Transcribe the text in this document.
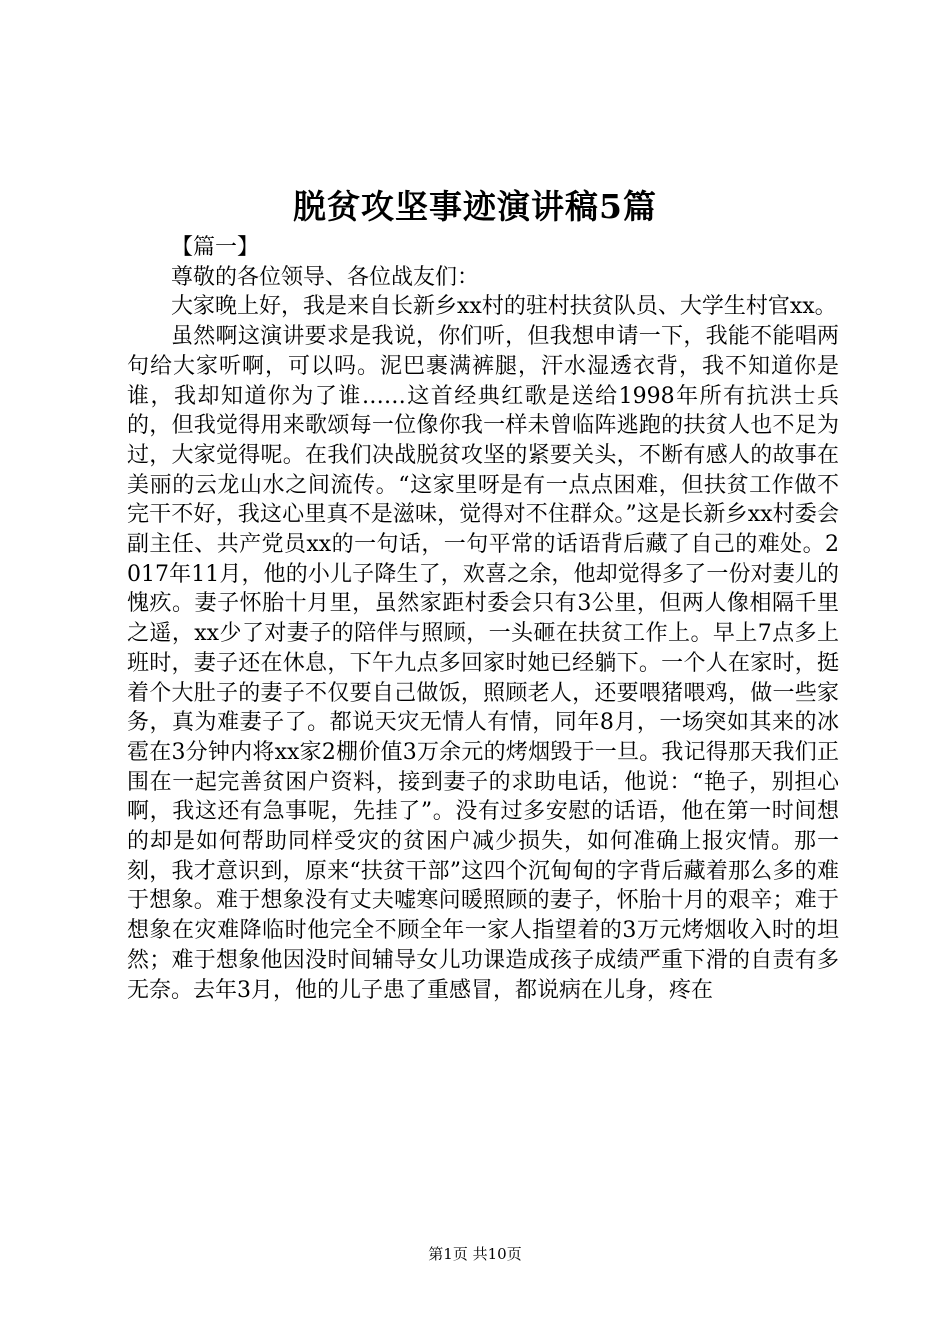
脱贫攻坚事迹演讲稿5篇

【篇一】

尊敬的各位领导、各位战友们：

大家晚上好，我是来自长新乡xx村的驻村扶贫队员、大学生村官xx。

虽然啊这演讲要求是我说，你们听，但我想申请一下，我能不能唱两句给大家听啊，可以吗。泥巴裹满裤腿，汗水湿透衣背，我不知道你是谁，我却知道你为了谁……这首经典红歌是送给1998年所有抗洪士兵的，但我觉得用来歌颂每一位像你我一样未曾临阵逃跑的扶贫人也不足为过，大家觉得呢。在我们决战脱贫攻坚的紧要关头，不断有感人的故事在美丽的云龙山水之间流传。“这家里呀是有一点点困难，但扶贫工作做不完干不好，我这心里真不是滋味，觉得对不住群众。”这是长新乡xx村委会副主任、共产党员xx的一句话，一句平常的话语背后藏了自己的难处。2017年11月，他的小儿子降生了，欢喜之余，他却觉得多了一份对妻儿的愧疚。妻子怀胎十月里，虽然家距村委会只有3公里，但两人像相隔千里之遥，xx少了对妻子的陪伴与照顾，一头砸在扶贫工作上。早上7点多上班时，妻子还在休息，下午九点多回家时她已经躺下。一个人在家时，挺着个大肚子的妻子不仅要自己做饭，照顾老人，还要喂猪喂鸡，做一些家务，真为难妻子了。都说天灾无情人有情，同年8月，一场突如其来的冰雹在3分钟内将xx家2棚价值3万余元的烤烟毁于一旦。我记得那天我们正围在一起完善贫困户资料，接到妻子的求助电话，他说：“艳子，别担心啊，我这还有急事呢，先挂了”。没有过多安慰的话语，他在第一时间想的却是如何帮助同样受灾的贫困户减少损失，如何准确上报灾情。那一刻，我才意识到，原来“扶贫干部”这四个沉甸甸的字背后藏着那么多的难于想象。难于想象没有丈夫嘘寒问暖照顾的妻子，怀胎十月的艰辛；难于想象在灾难降临时他完全不顾全年一家人指望着的3万元烤烟收入时的坦然；难于想象他因没时间辅导女儿功课造成孩子成绩严重下滑的自责有多无奈。去年3月，他的儿子患了重感冒，都说病在儿身，疼在

第1页 共10页
